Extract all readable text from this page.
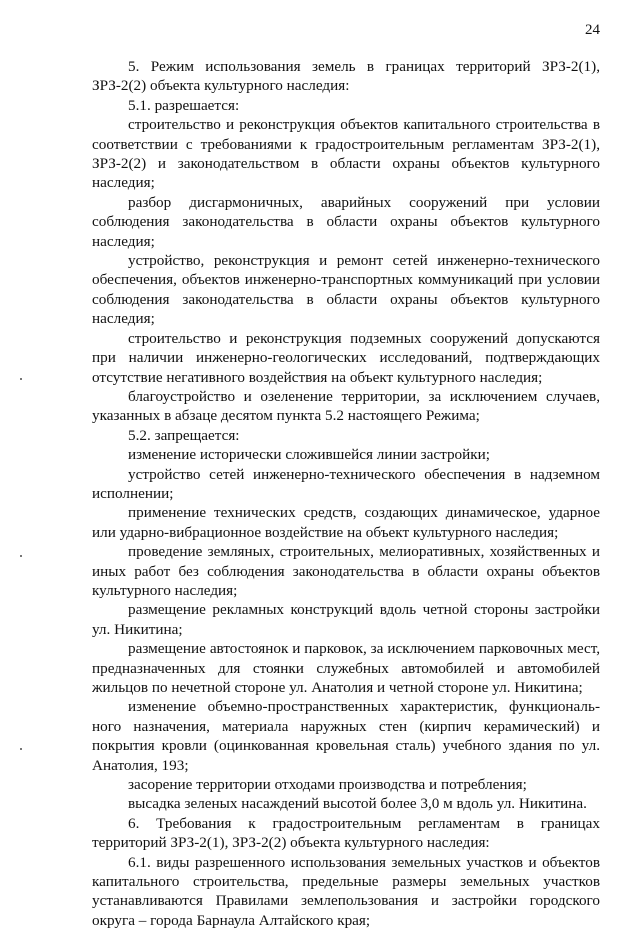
24

5. Режим использования земель в границах территорий ЗРЗ-2(1), ЗРЗ-2(2) объекта культурного наследия:

5.1. разрешается:

строительство и реконструкция объектов капитального строительства в соответствии с требованиями к градостроительным регламентам ЗРЗ-2(1), ЗРЗ-2(2) и законодательством в области охраны объектов культурного наследия;

разбор дисгармоничных, аварийных сооружений при условии соблюдения законодательства в области охраны объектов культурного наследия;

устройство, реконструкция и ремонт сетей инженерно-технического обеспечения, объектов инженерно-транспортных коммуникаций при условии соблюдения законодательства в области охраны объектов культурного наследия;

строительство и реконструкция подземных сооружений допускаются при наличии инженерно-геологических исследований, подтверждающих отсутствие негативного воздействия на объект культурного наследия;

благоустройство и озеленение территории, за исключением случаев, указанных в абзаце десятом пункта 5.2 настоящего Режима;

5.2. запрещается:

изменение исторически сложившейся линии застройки;

устройство сетей инженерно-технического обеспечения в надземном исполнении;

применение технических средств, создающих динамическое, ударное или ударно-вибрационное воздействие на объект культурного наследия;

проведение земляных, строительных, мелиоративных, хозяйственных и иных работ без соблюдения законодательства в области охраны объектов культурного наследия;

размещение рекламных конструкций вдоль четной стороны застройки ул. Никитина;

размещение автостоянок и парковок, за исключением парковочных мест, предназначенных для стоянки служебных автомобилей и автомобилей жильцов по нечетной стороне ул. Анатолия и четной стороне ул. Никитина;

изменение объемно-пространственных характеристик, функционального назначения, материала наружных стен (кирпич керамический) и покрытия кровли (оцинкованная кровельная сталь) учебного здания по ул. Анатолия, 193;

засорение территории отходами производства и потребления;

высадка зеленых насаждений высотой более 3,0 м вдоль ул. Никитина.

6. Требования к градостроительным регламентам в границах территорий ЗРЗ-2(1), ЗРЗ-2(2) объекта культурного наследия:

6.1. виды разрешенного использования земельных участков и объектов капитального строительства, предельные размеры земельных участков устанавливаются Правилами землепользования и застройки городского округа – города Барнаула Алтайского края;
